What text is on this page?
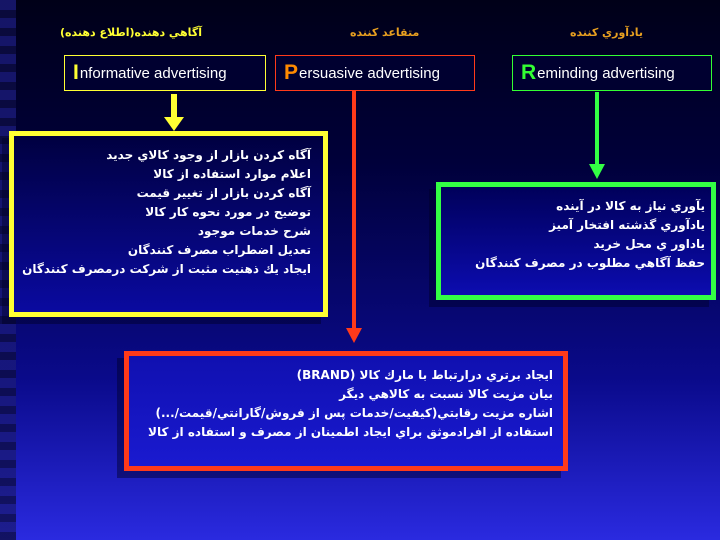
آگاهي دهنده(اطلاع دهنده)	متقاعد كننده	يادآوري كننده
I nformative advertising	P ersuasive advertising	R eminding advertising
آگاه كردن بازار از وجود كالاي جديد
اعلام موارد استفاده از كالا
آگاه كردن بازار از تغيير قيمت
توضيح در مورد نحوه كار كالا
شرح خدمات موجود
تعديل اضطراب مصرف كنندگان
ايجاد يك ذهنيت مثبت از شركت درمصرف كنندگان
يآوري نياز به كالا در آينده
يادآوري گذشته افتخار آميز
ياداور ي محل خريد
حفظ آگاهي مطلوب در مصرف كنندگان
ايجاد برتري درارتباط با مارك كالا (BRAND)
بيان مزيت كالا نسبت به كالاهي ديگر
اشاره مزيت رقابتي(كيفيت/خدمات پس از فروش/گارانتي/قيمت/...)
استفاده از افرادموثق براي ايجاد اطمينان از مصرف و استفاده از كالا
